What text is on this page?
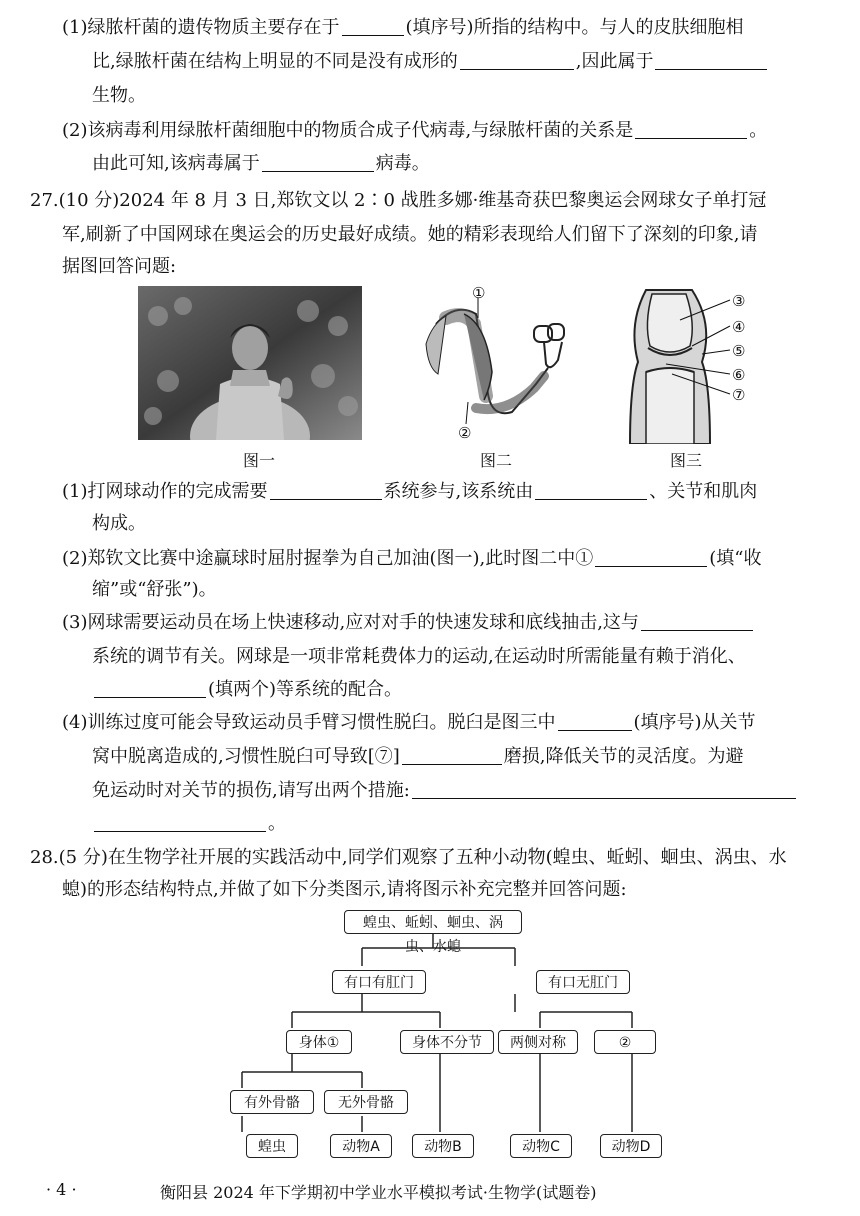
(1)绿脓杆菌的遗传物质主要存在于	(填序号)所指的结构中。与人的皮肤细胞相
比,绿脓杆菌在结构上明显的不同是没有成形的	,因此属于
生物。
(2)该病毒利用绿脓杆菌细胞中的物质合成子代病毒,与绿脓杆菌的关系是	。
由此可知,该病毒属于	病毒。
27.(10 分)2024 年 8 月 3 日,郑钦文以 2∶0 战胜多娜·维基奇获巴黎奥运会网球女子单打冠
军,刷新了中国网球在奥运会的历史最好成绩。她的精彩表现给人们留下了深刻的印象,请
据图回答问题:
①
②
③
④
⑤
⑥
⑦
图一	图二	图三
(1)打网球动作的完成需要	系统参与,该系统由	、关节和肌肉
构成。
(2)郑钦文比赛中途赢球时屈肘握拳为自己加油(图一),此时图二中①	(填“收
缩”或“舒张”)。
(3)网球需要运动员在场上快速移动,应对对手的快速发球和底线抽击,这与
系统的调节有关。网球是一项非常耗费体力的运动,在运动时所需能量有赖于消化、
(填两个)等系统的配合。
(4)训练过度可能会导致运动员手臂习惯性脱臼。脱臼是图三中	(填序号)从关节
窝中脱离造成的,习惯性脱臼可导致[⑦]	磨损,降低关节的灵活度。为避
免运动时对关节的损伤,请写出两个措施:
。
28.(5 分)在生物学社开展的实践活动中,同学们观察了五种小动物(蝗虫、蚯蚓、蛔虫、涡虫、水
螅)的形态结构特点,并做了如下分类图示,请将图示补充完整并回答问题:
蝗虫、蚯蚓、蛔虫、涡虫、水螅
有口有肛门	有口无肛门
身体①	身体不分节	两侧对称	②
有外骨骼	无外骨骼
蝗虫	动物A	动物B	动物C	动物D
· 4 ·	衡阳县 2024 年下学期初中学业水平模拟考试·生物学(试题卷)
